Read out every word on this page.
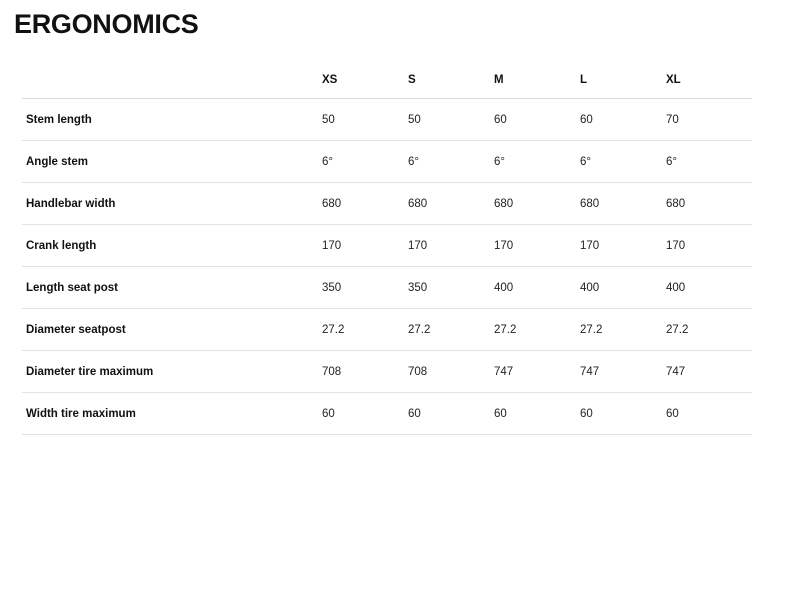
ERGONOMICS
	XS	S	M	L	XL
Stem length	50	50	60	60	70
Angle stem	6°	6°	6°	6°	6°
Handlebar width	680	680	680	680	680
Crank length	170	170	170	170	170
Length seat post	350	350	400	400	400
Diameter seatpost	27.2	27.2	27.2	27.2	27.2
Diameter tire maximum	708	708	747	747	747
Width tire maximum	60	60	60	60	60
